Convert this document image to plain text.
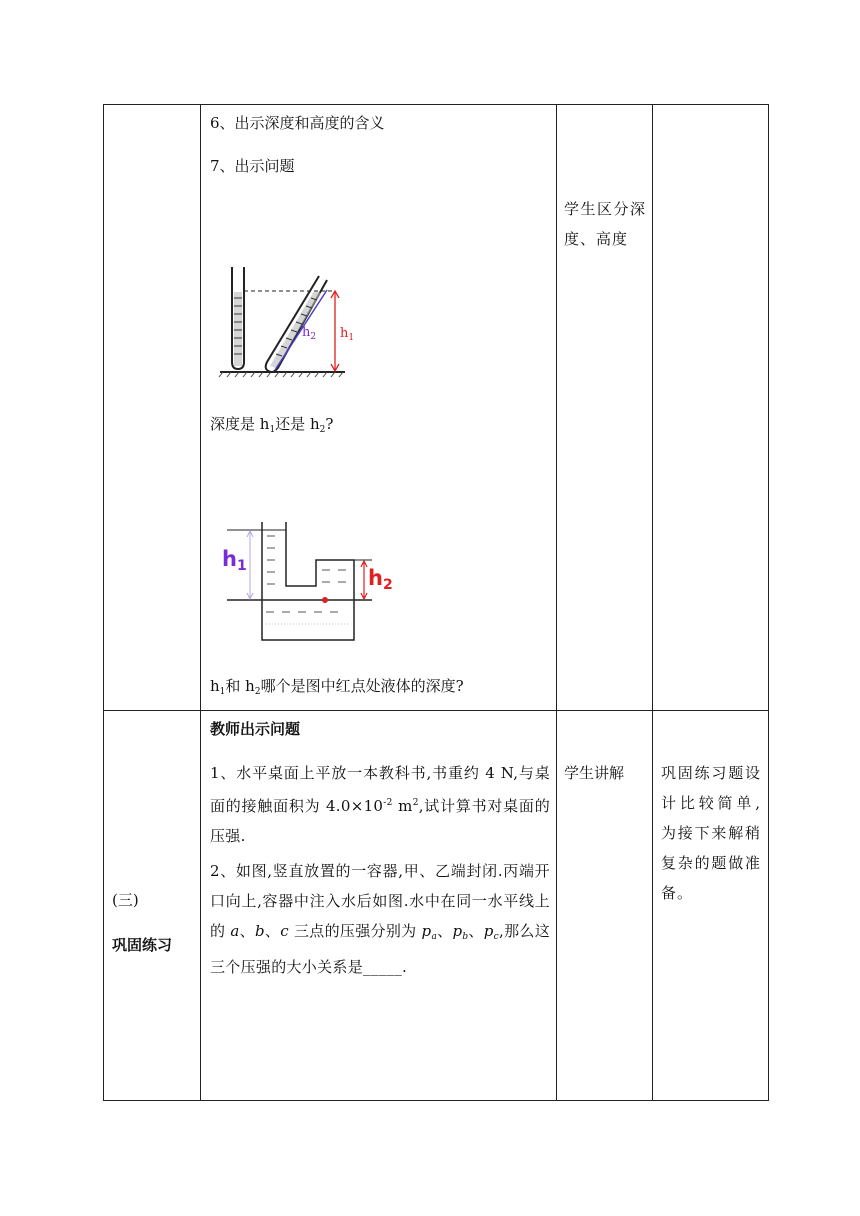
6、出示深度和高度的含义
7、出示问题
$h_2$ $h_1$
深度是 $h_1$还是 $h_2$?
h1	h2
$h_1$和 $h_2$哪个是图中红点处液体的深度?
学生区分深度、高度
(三)
巩固练习
教师出示问题
1、水平桌面上平放一本教科书,书重约 4 N,与桌面的接触面积为 $4.0\times 10^{-2}$ $m^2$,试计算书对桌面的压强.
2、如图,竖直放置的一容器,甲、乙端封闭.丙端开口向上,容器中注入水后如图.水中在同一水平线上的 a、b、c 三点的压强分别为 $p_a$、$p_b$、$p_c$,那么这三个压强的大小关系是_____.
学生讲解 巩固练习题设计比较简单,为接下来解稍复杂的题做准备。
